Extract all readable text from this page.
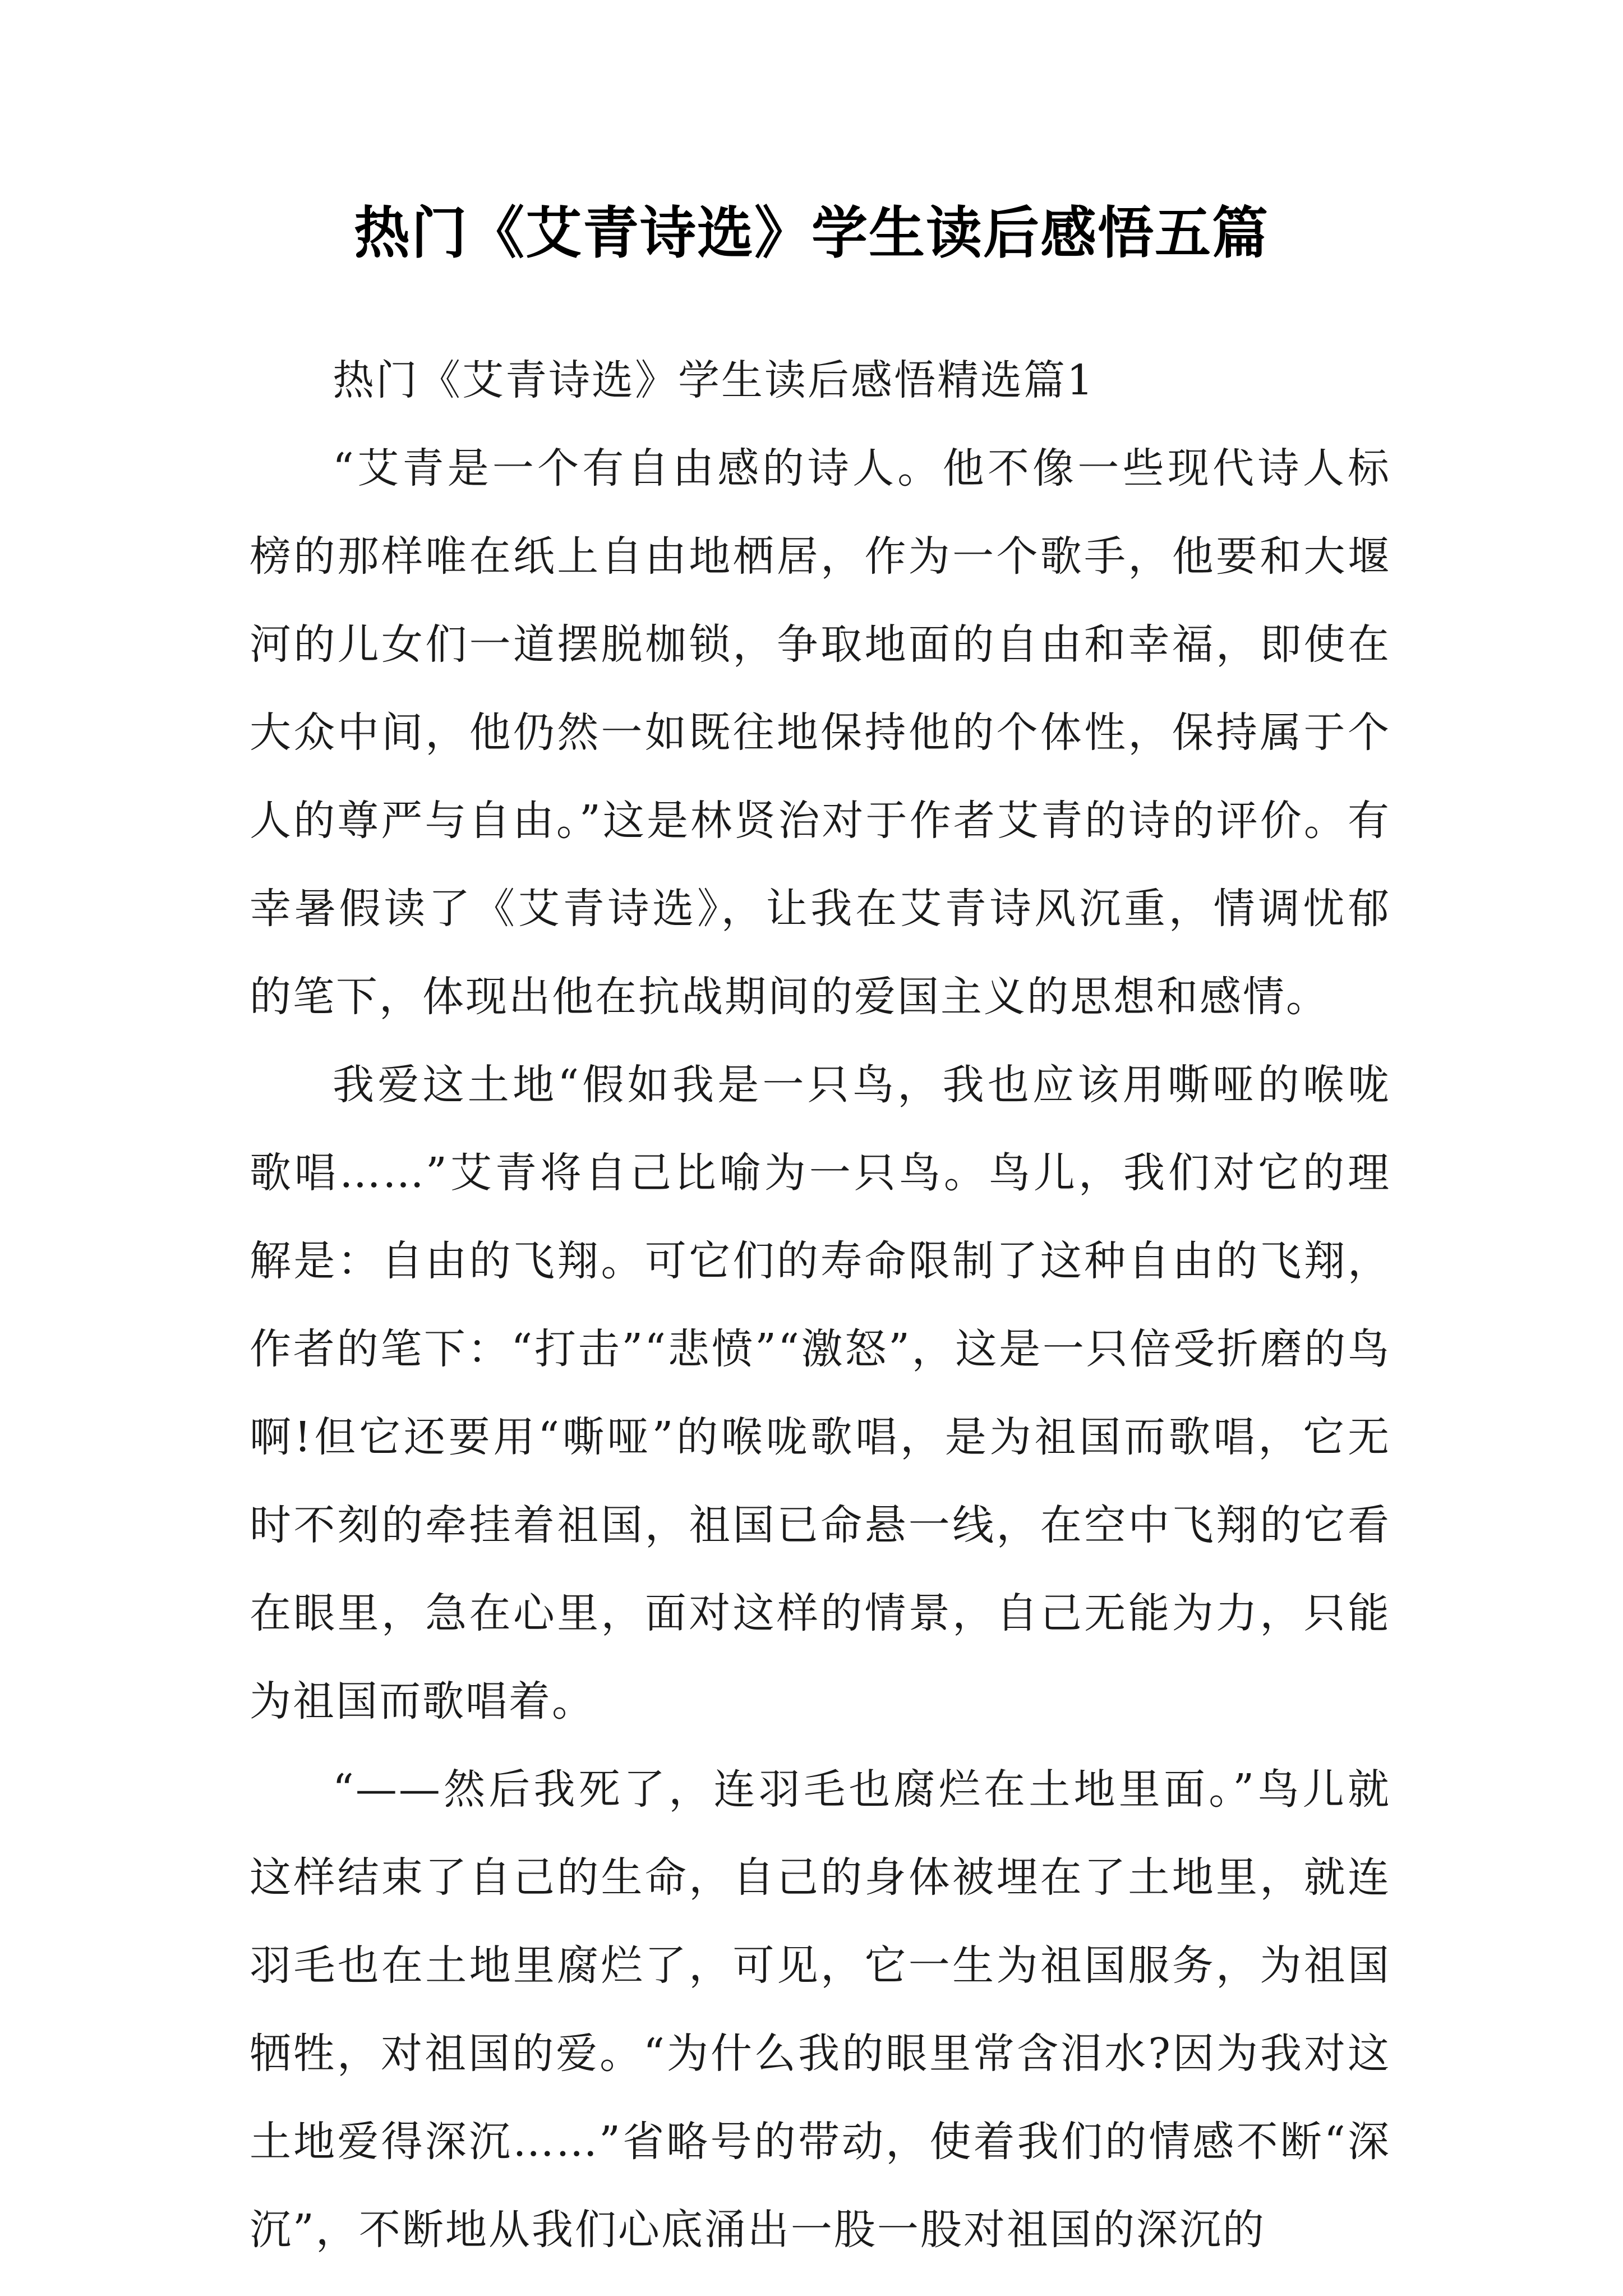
热门《艾青诗选》学生读后感悟五篇

热门《艾青诗选》学生读后感悟精选篇1

“艾青是一个有自由感的诗人。他不像一些现代诗人标榜的那样唯在纸上自由地栖居，作为一个歌手，他要和大堰河的儿女们一道摆脱枷锁，争取地面的自由和幸福，即使在大众中间，他仍然一如既往地保持他的个体性，保持属于个人的尊严与自由。”这是林贤治对于作者艾青的诗的评价。有幸暑假读了《艾青诗选》，让我在艾青诗风沉重，情调忧郁的笔下，体现出他在抗战期间的爱国主义的思想和感情。

我爱这土地“假如我是一只鸟，我也应该用嘶哑的喉咙歌唱……”艾青将自己比喻为一只鸟。鸟儿，我们对它的理解是：自由的飞翔。可它们的寿命限制了这种自由的飞翔，作者的笔下：“打击”“悲愤”“激怒”，这是一只倍受折磨的鸟啊!但它还要用“嘶哑”的喉咙歌唱，是为祖国而歌唱，它无时不刻的牵挂着祖国，祖国已命悬一线，在空中飞翔的它看在眼里，急在心里，面对这样的情景，自己无能为力，只能为祖国而歌唱着。

“——然后我死了，连羽毛也腐烂在土地里面。”鸟儿就这样结束了自己的生命，自己的身体被埋在了土地里，就连羽毛也在土地里腐烂了，可见，它一生为祖国服务，为祖国牺牲，对祖国的爱。“为什么我的眼里常含泪水?因为我对这土地爱得深沉……”省略号的带动，使着我们的情感不断“深沉”，不断地从我们心底涌出一股一股对祖国的深沉的
